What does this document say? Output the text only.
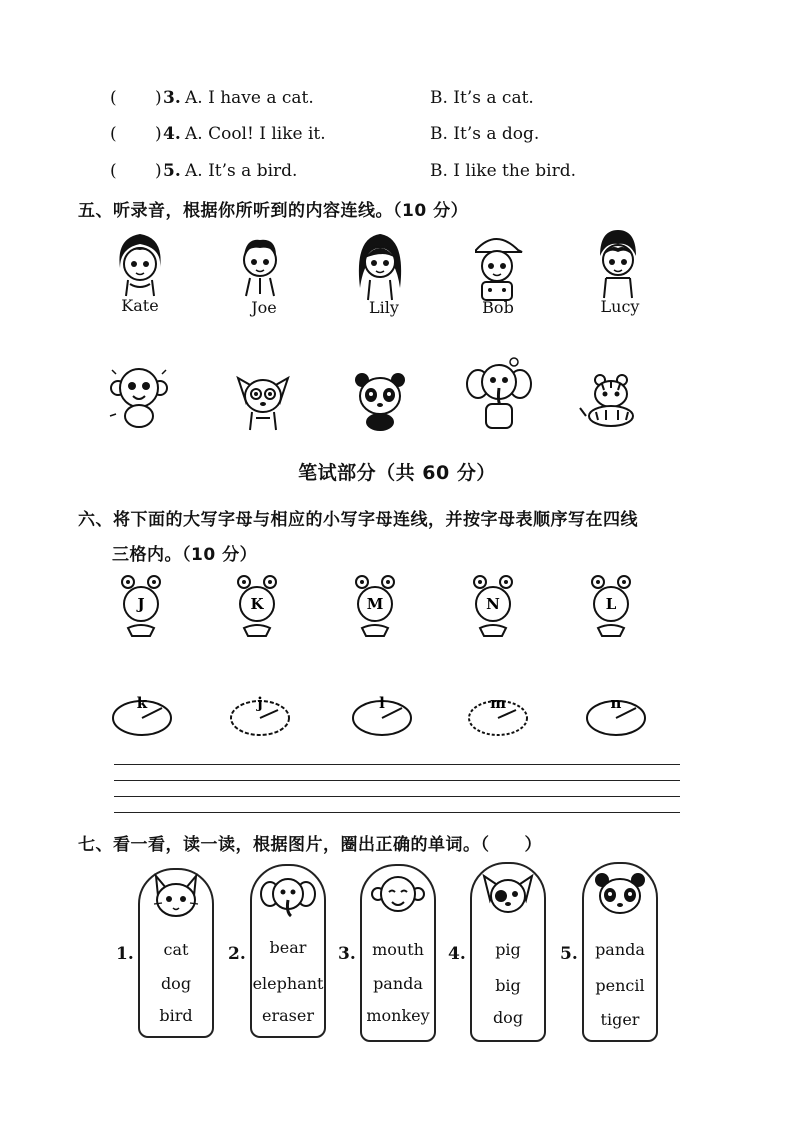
( ) 3. A. I have a cat.	B. It’s a cat.
( ) 4. A. Cool! I like it.	B. It’s a dog.
( ) 5. A. It’s a bird.	B. I like the bird.
五、听录音，根据你所听到的内容连线。（10 分）
Kate	Joe	Lily	Bob	Lucy
笔试部分（共 60 分）
六、将下面的大写字母与相应的小写字母连线，并按字母表顺序写在四线
三格内。（10 分）
J	K	M	N	L
k	j	l	m	n
七、看一看，读一读，根据图片，圈出正确的单词。（　　）
1.	cat
dog
bird
2.	bear
elephant
eraser
3.	mouth
panda
monkey
4.	pig
big
dog
5.	panda
pencil
tiger
